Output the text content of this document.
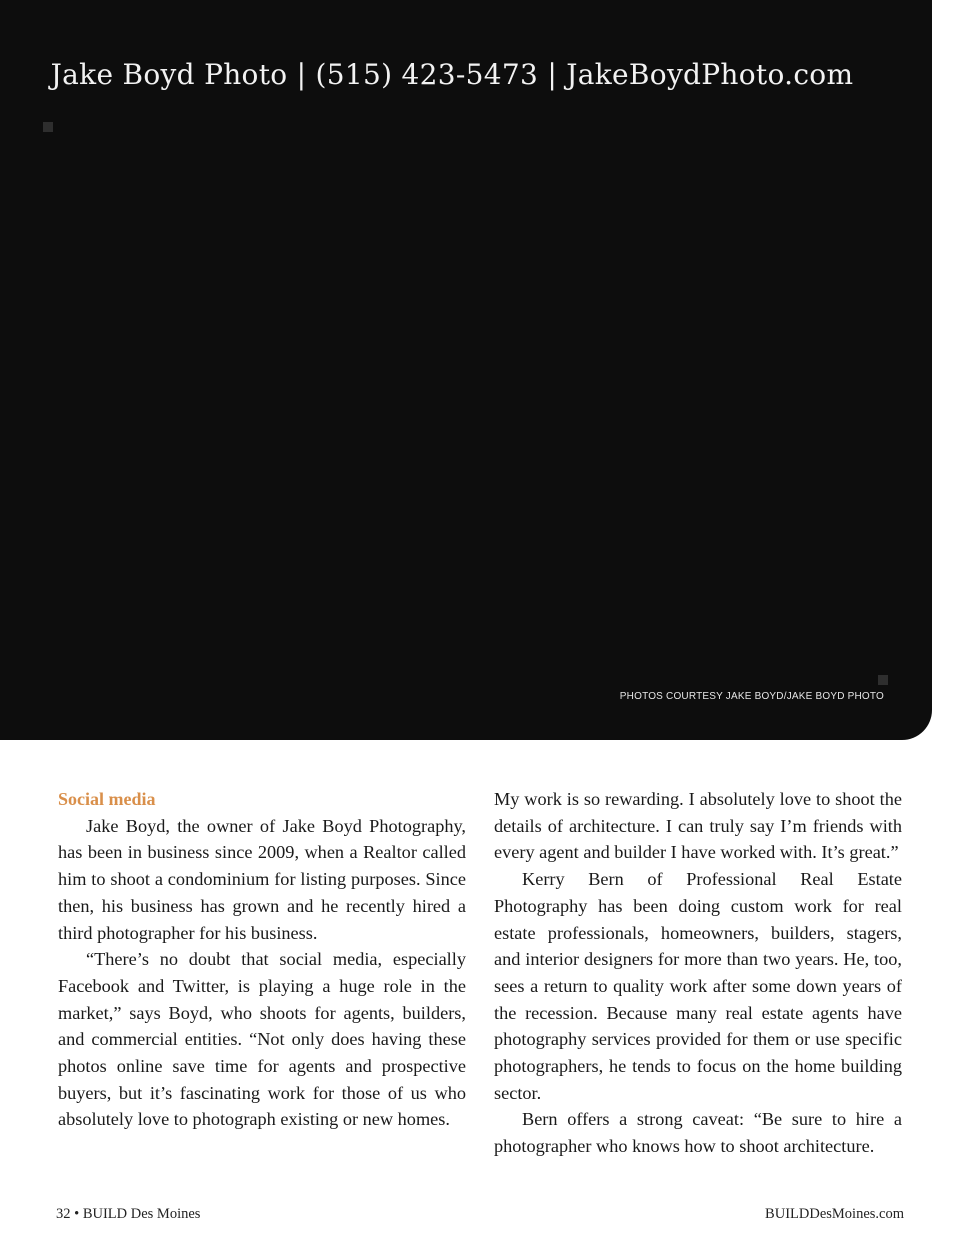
Jake Boyd Photo | (515) 423-5473 | JakeBoydPhoto.com
PHOTOS COURTESY JAKE BOYD/JAKE BOYD PHOTO
Social media

Jake Boyd, the owner of Jake Boyd Photography, has been in business since 2009, when a Realtor called him to shoot a condominium for listing purposes. Since then, his business has grown and he recently hired a third photographer for his business.

“There’s no doubt that social media, especially Facebook and Twitter, is playing a huge role in the market,” says Boyd, who shoots for agents, builders, and commercial entities. “Not only does having these photos online save time for agents and prospective buyers, but it’s fascinating work for those of us who absolutely love to photograph existing or new homes.

My work is so rewarding. I absolutely love to shoot the details of architecture. I can truly say I’m friends with every agent and builder I have worked with. It’s great.”

Kerry Bern of Professional Real Estate Photography has been doing custom work for real estate professionals, homeowners, builders, stagers, and interior designers for more than two years. He, too, sees a return to quality work after some down years of the recession. Because many real estate agents have photography services provided for them or use specific photographers, he tends to focus on the home building sector.

Bern offers a strong caveat: “Be sure to hire a photographer who knows how to shoot architecture.

32 • BUILD Des Moines	BUILDDesMoines.com
